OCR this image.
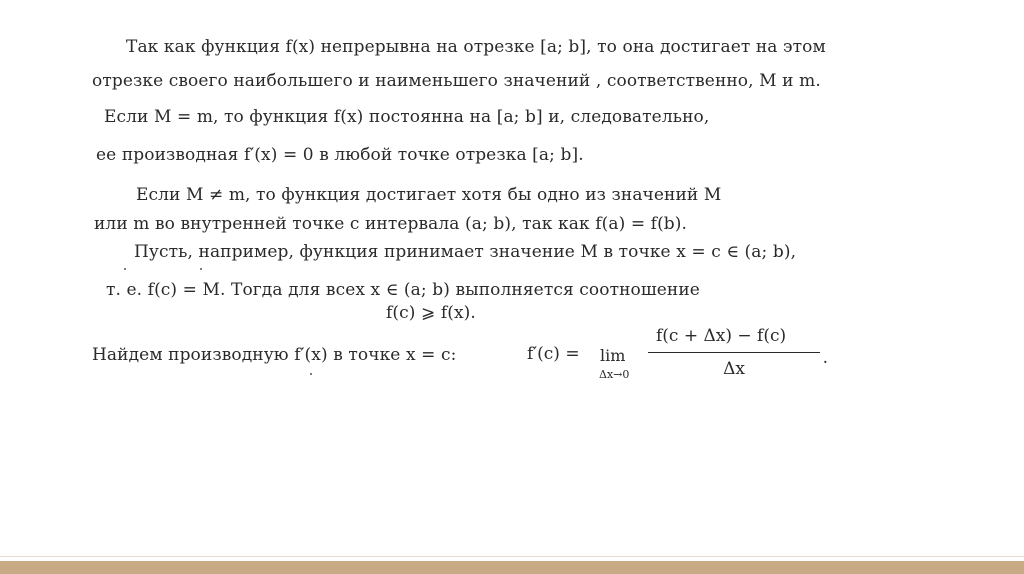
Так как функция f(x) непрерывна на отрезке [a; b], то она достигает на этом
отрезке своего наибольшего и наименьшего значений , соответственно, M и m.
Если M = m, то функция f(x) постоянна на [a; b] и, следовательно,
ее производная f′(x) = 0 в любой точке отрезка [a; b].
Если M ≠ m, то функция достигает хотя бы одно из значений M
или m во внутренней точке c интервала (a; b), так как f(a) = f(b).
Пусть, например, функция принимает значение M в точке x = c ∈ (a; b),
т. е. f(c) = M. Тогда для всех x ∈ (a; b) выполняется соотношение
f(c) ⩾ f(x).
Найдем производную f′(x) в точке x = c:	f′(c) = lim
Δx→0
f(c + Δx) − f(c)
Δx
.
